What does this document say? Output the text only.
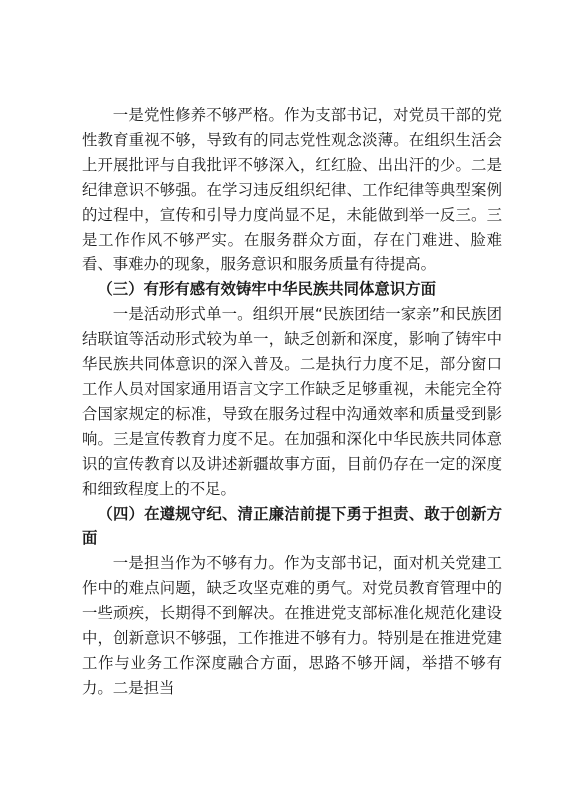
一是党性修养不够严格。作为支部书记，对党员干部的党性教育重视不够，导致有的同志党性观念淡薄。在组织生活会上开展批评与自我批评不够深入，红红脸、出出汗的少。二是纪律意识不够强。在学习违反组织纪律、工作纪律等典型案例的过程中，宣传和引导力度尚显不足，未能做到举一反三。三是工作作风不够严实。在服务群众方面，存在门难进、脸难看、事难办的现象，服务意识和服务质量有待提高。

（三）有形有感有效铸牢中华民族共同体意识方面

一是活动形式单一。组织开展“民族团结一家亲”和民族团结联谊等活动形式较为单一，缺乏创新和深度，影响了铸牢中华民族共同体意识的深入普及。二是执行力度不足，部分窗口工作人员对国家通用语言文字工作缺乏足够重视，未能完全符合国家规定的标准，导致在服务过程中沟通效率和质量受到影响。三是宣传教育力度不足。在加强和深化中华民族共同体意识的宣传教育以及讲述新疆故事方面，目前仍存在一定的深度和细致程度上的不足。

（四）在遵规守纪、清正廉洁前提下勇于担责、敢于创新方面

一是担当作为不够有力。作为支部书记，面对机关党建工作中的难点问题，缺乏攻坚克难的勇气。对党员教育管理中的一些顽疾，长期得不到解决。在推进党支部标准化规范化建设中，创新意识不够强，工作推进不够有力。特别是在推进党建工作与业务工作深度融合方面，思路不够开阔，举措不够有力。二是担当
